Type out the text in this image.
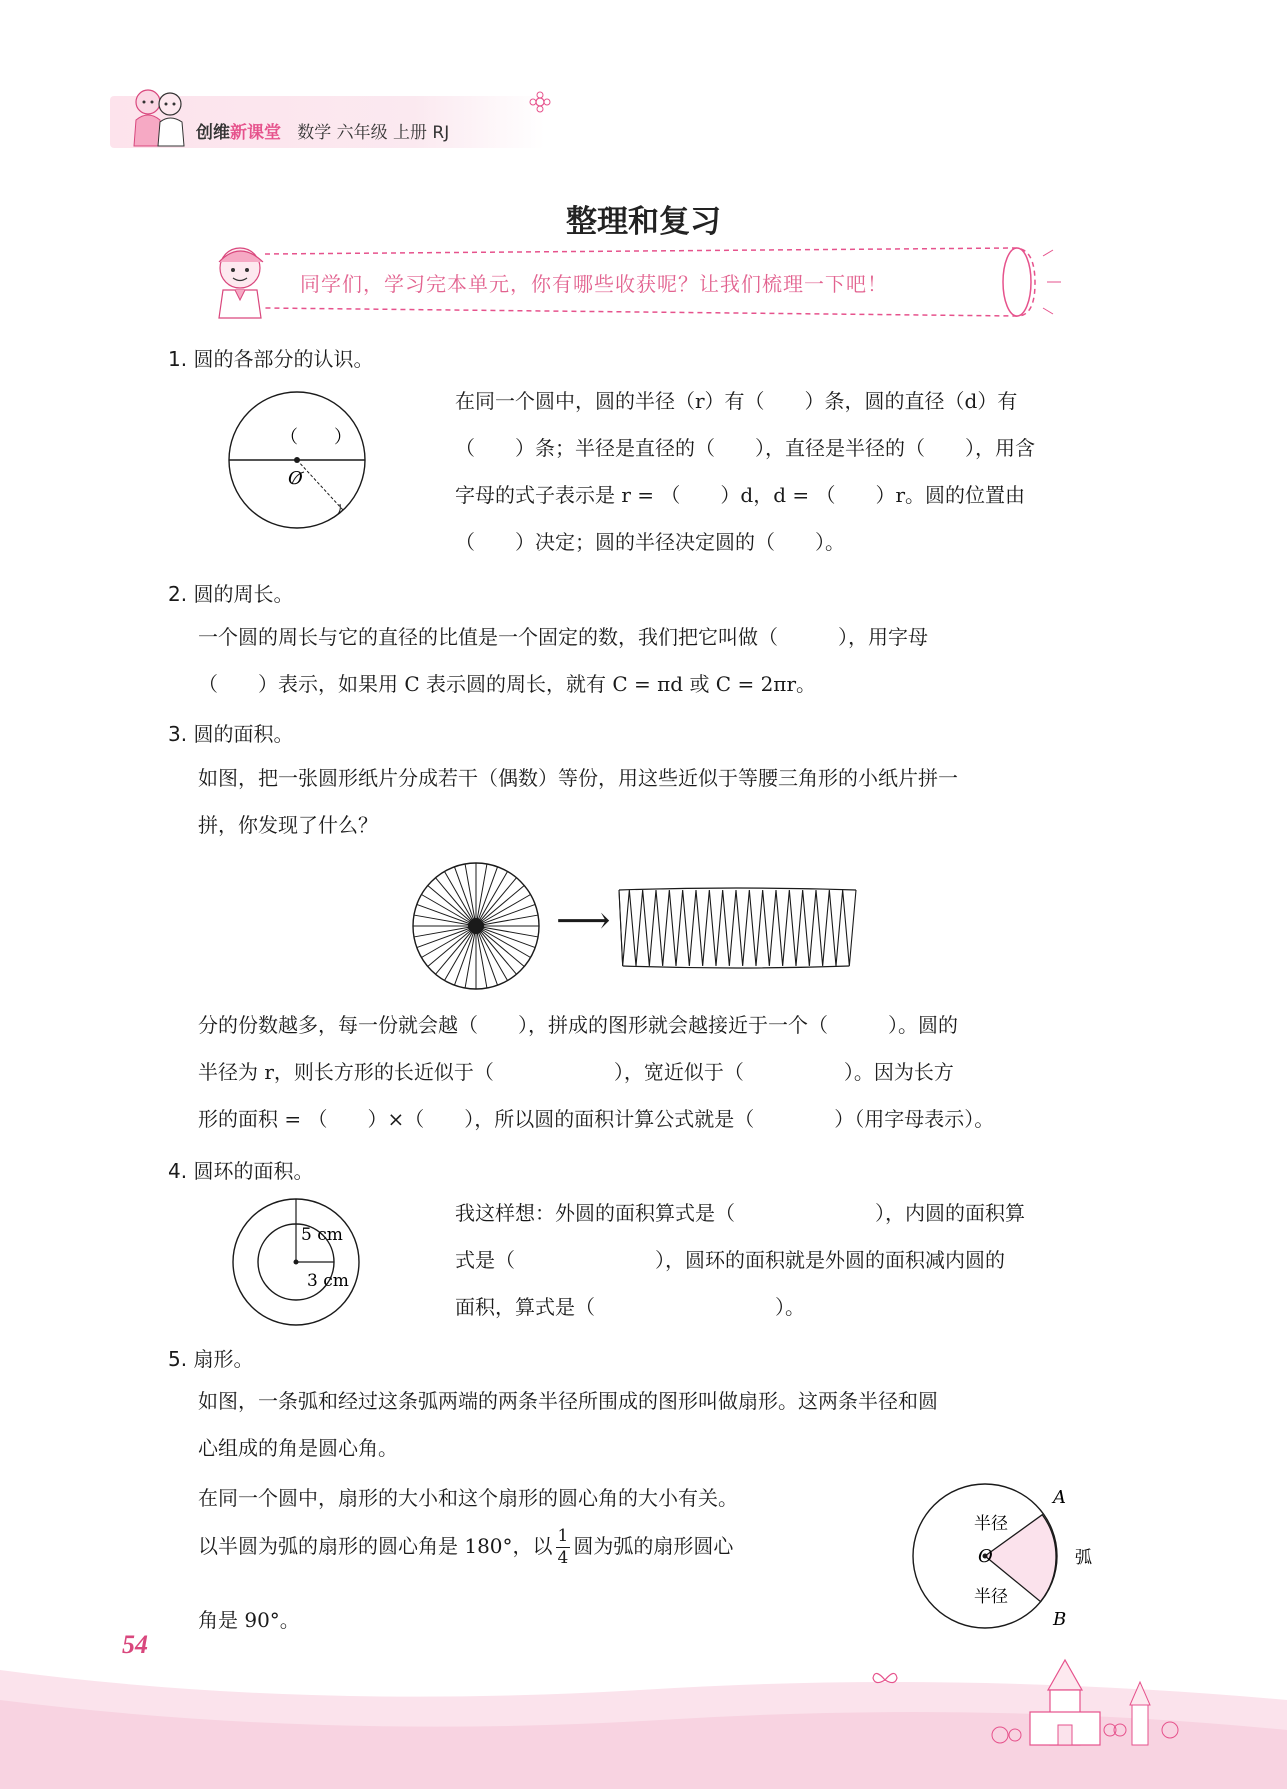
创维新课堂 数学 六年级 上册 RJ
整理和复习
同学们，学习完本单元，你有哪些收获呢？让我们梳理一下吧！
1. 圆的各部分的认识。
O
（　　）
在同一个圆中，圆的半径（r）有（　　）条，圆的直径（d）有
（　　）条；半径是直径的（　　），直径是半径的（　　），用含
字母的式子表示是 r = （　　）d，d = （　　）r。圆的位置由
（　　）决定；圆的半径决定圆的（　　）。
2. 圆的周长。
一个圆的周长与它的直径的比值是一个固定的数，我们把它叫做（　　　），用字母
（　　）表示，如果用 C 表示圆的周长，就有 C = πd 或 C = 2πr。
3. 圆的面积。
如图，把一张圆形纸片分成若干（偶数）等份，用这些近似于等腰三角形的小纸片拼一
拼，你发现了什么？
⟶
分的份数越多，每一份就会越（　　），拼成的图形就会越接近于一个（　　　）。圆的
半径为 r，则长方形的长近似于（　　　　　　），宽近似于（　　　　　）。因为长方
形的面积 = （　　）×（　　），所以圆的面积计算公式就是（　　　　）（用字母表示）。
4. 圆环的面积。
5 cm
3 cm
我这样想：外圆的面积算式是（　　　　　　　），内圆的面积算
式是（　　　　　　　），圆环的面积就是外圆的面积减内圆的
面积，算式是（　　　　　　　　　）。
5. 扇形。
如图，一条弧和经过这条弧两端的两条半径所围成的图形叫做扇形。这两条半径和圆
心组成的角是圆心角。
在同一个圆中，扇形的大小和这个扇形的圆心角的大小有关。
以半圆为弧的扇形的圆心角是 180°，以 $\frac{1}{4}$ 圆为弧的扇形圆心
角是 90°。
A
B
O
半径
半径
弧
54
